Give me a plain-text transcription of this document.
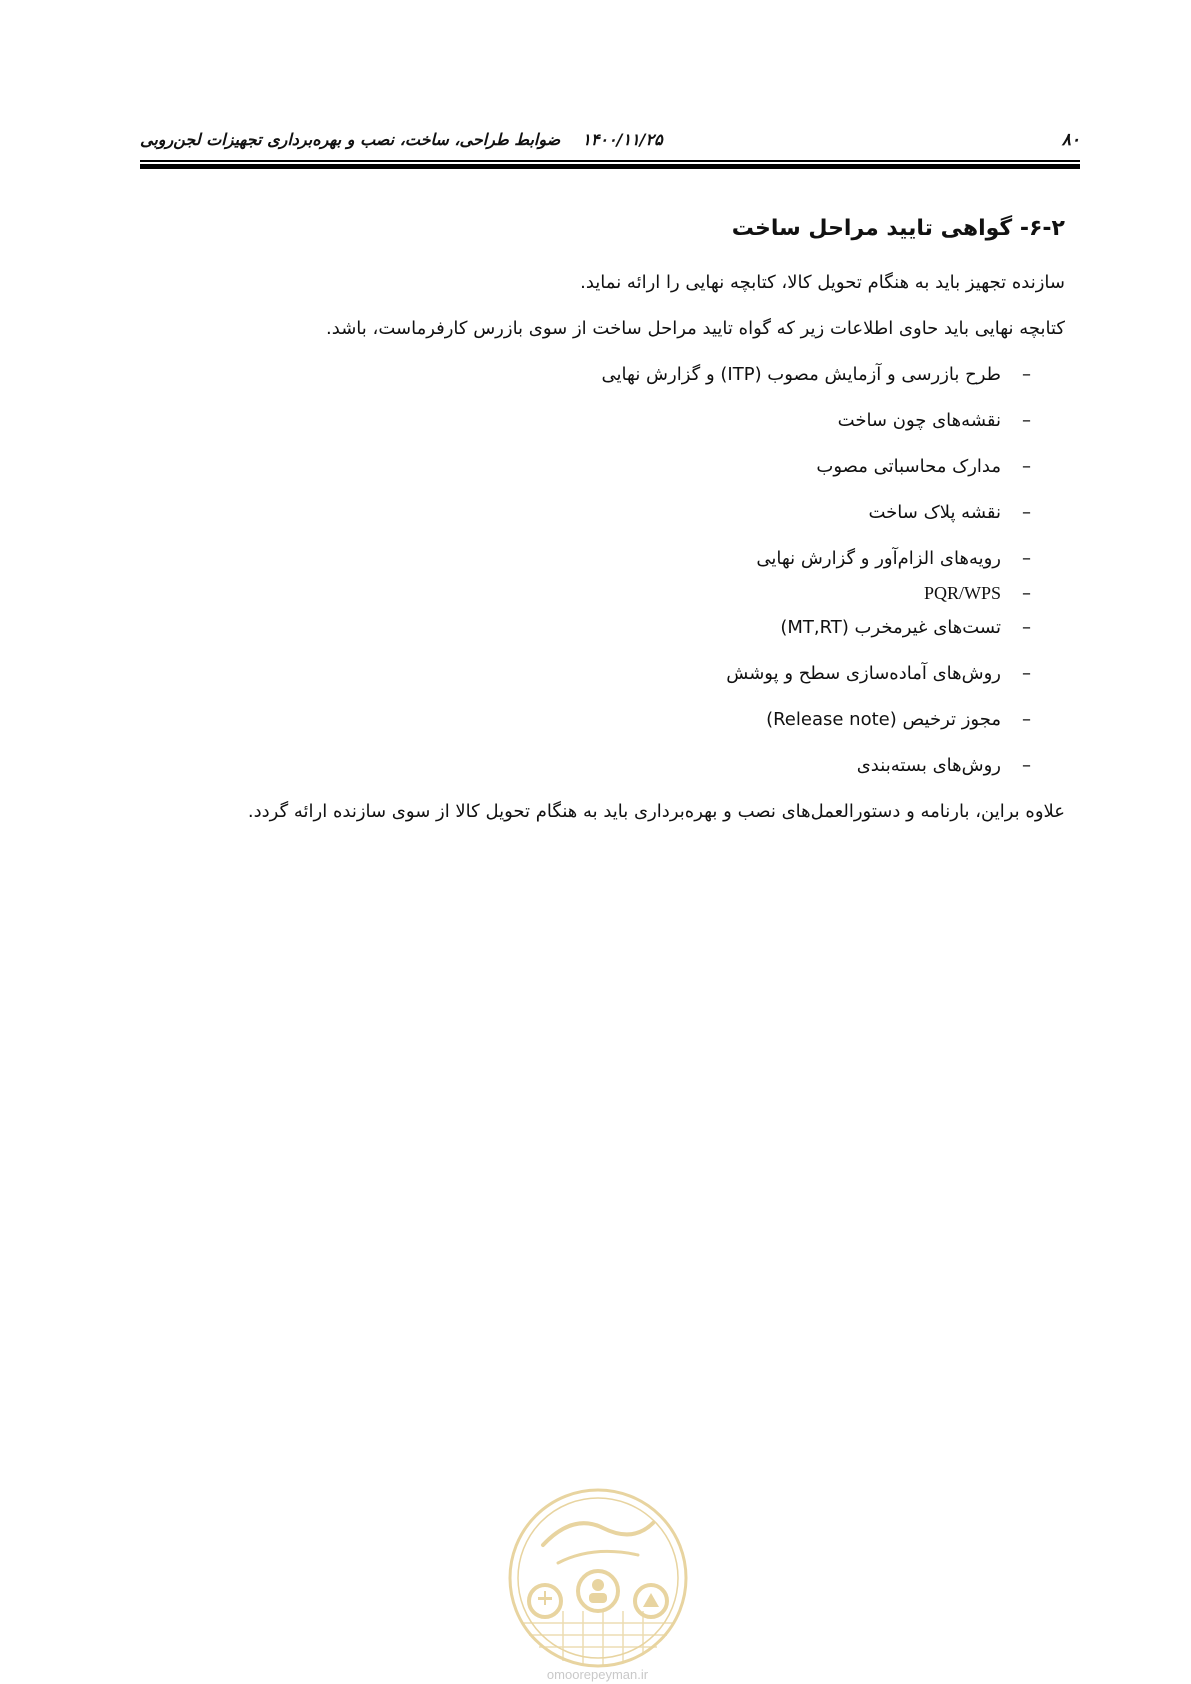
۸۰
۱۴۰۰/۱۱/۲۵ضوابط طراحی، ساخت، نصب و بهره‌برداری تجهیزات لجن‌روبی
۶-۲- گواهی تایید مراحل ساخت

سازنده تجهیز باید به هنگام تحویل کالا، کتابچه نهایی را ارائه نماید.

کتابچه نهایی باید حاوی اطلاعات زیر که گواه تایید مراحل ساخت از سوی بازرس کارفرماست، باشد.

–طرح بازرسی و آزمایش مصوب (ITP) و گزارش نهایی
–نقشه‌های چون ساخت
–مدارک محاسباتی مصوب
–نقشه پلاک ساخت
–رویه‌های الزام‌آور و گزارش نهایی
–PQR/WPS
–تست‌های غیرمخرب (MT,RT)
–روش‌های آماده‌سازی سطح و پوشش
–مجوز ترخیص (Release note)
–روش‌های بسته‌بندی

علاوه براین، بارنامه و دستورالعمل‌های نصب و بهره‌برداری باید به هنگام تحویل کالا از سوی سازنده ارائه گردد.

omoorepeyman.ir
